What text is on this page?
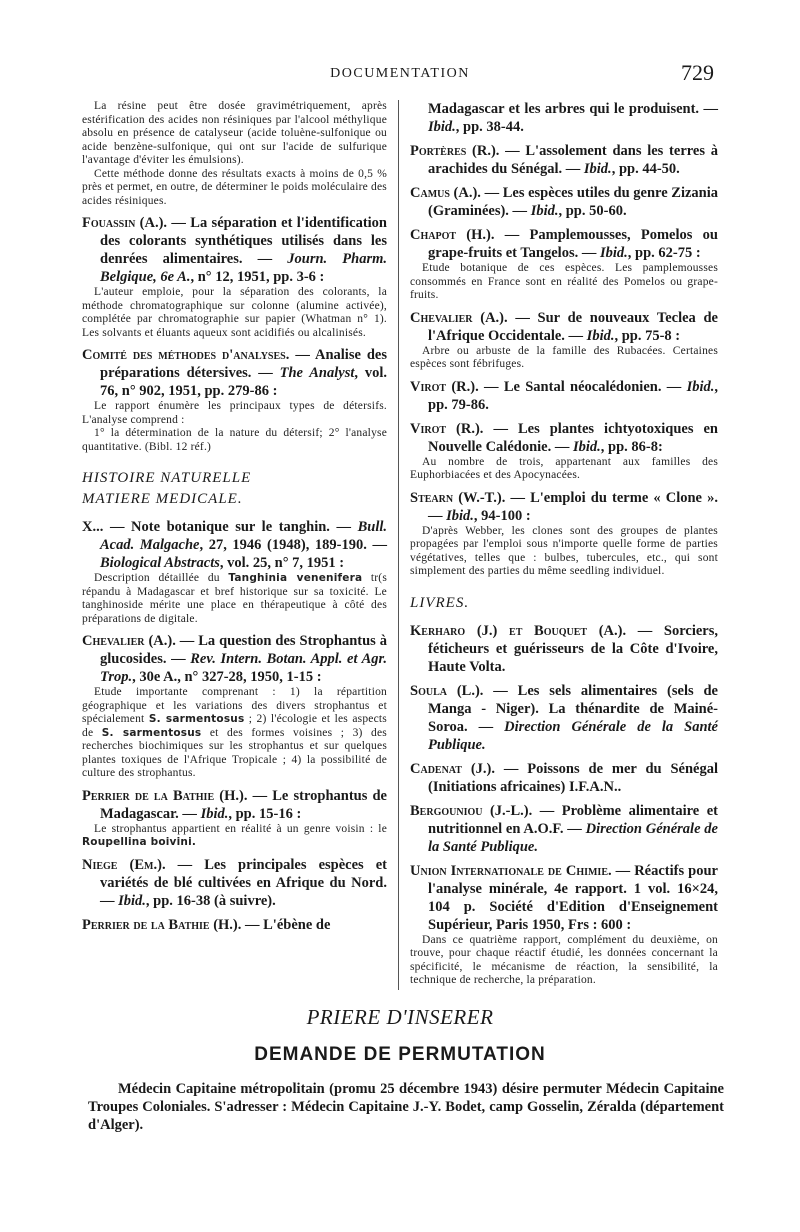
DOCUMENTATION	729

La résine peut être dosée gravimétriquement, après estérification des acides non résiniques par l'alcool méthylique absolu en présence de catalyseur (acide toluène-sulfonique ou acide benzène-sulfonique, qui ont sur l'acide de sulfurique l'avantage d'éviter les émulsions).

Cette méthode donne des résultats exacts à moins de 0,5 % près et permet, en outre, de déterminer le poids moléculaire des acides résiniques.

Fouassin (A.). — La séparation et l'identification des colorants synthétiques utilisés dans les denrées alimentaires. — Journ. Pharm. Belgique, 6e A., n° 12, 1951, pp. 3-6 :
L'auteur emploie, pour la séparation des colorants, la méthode chromatographique sur colonne (alumine activée), complétée par chromatographie sur papier (Whatman n° 1). Les solvants et éluants aqueux sont acidifiés ou alcalinisés.
Comité des méthodes d'analyses. — Analise des préparations détersives. — The Analyst, vol. 76, n° 902, 1951, pp. 279-86 :

Le rapport énumère les principaux types de détersifs. L'analyse comprend :

1° la détermination de la nature du détersif; 2° l'analyse quantitative. (Bibl. 12 réf.)

HISTOIRE NATURELLE
MATIERE MEDICALE.
X... — Note botanique sur le tanghin. — Bull. Acad. Malgache, 27, 1946 (1948), 189-190. — Biological Abstracts, vol. 25, n° 7, 1951 :
Description détaillée du Tanghinia venenifera tr(s répandu à Madagascar et bref historique sur sa toxicité. Le tanghinoside mérite une place en thérapeutique à côté des préparations de digitale.
Chevalier (A.). — La question des Strophantus à glucosides. — Rev. Intern. Botan. Appl. et Agr. Trop., 30e A., n° 327-28, 1950, 1-15 :
Etude importante comprenant : 1) la répartition géographique et les variations des divers strophantus et spécialement S. sarmentosus ; 2) l'écologie et les aspects de S. sarmentosus et des formes voisines ; 3) des recherches biochimiques sur les strophantus et sur quelques plantes toxiques de l'Afrique Tropicale ; 4) la possibilité de culture des strophantus.
Perrier de la Bathie (H.). — Le strophantus de Madagascar. — Ibid., pp. 15-16 :
Le strophantus appartient en réalité à un genre voisin : le Roupellina boivini.
Niege (Em.). — Les principales espèces et variétés de blé cultivées en Afrique du Nord. — Ibid., pp. 16-38 (à suivre).
Perrier de la Bathie (H.). — L'ébène de
Madagascar et les arbres qui le produisent. — Ibid., pp. 38-44.
Portères (R.). — L'assolement dans les terres à arachides du Sénégal. — Ibid., pp. 44-50.
Camus (A.). — Les espèces utiles du genre Zizania (Graminées). — Ibid., pp. 50-60.
Chapot (H.). — Pamplemousses, Pomelos ou grape-fruits et Tangelos. — Ibid., pp. 62-75 :
Etude botanique de ces espèces. Les pamplemousses consommés en France sont en réalité des Pomelos ou grape-fruits.
Chevalier (A.). — Sur de nouveaux Teclea de l'Afrique Occidentale. — Ibid., pp. 75-8 :
Arbre ou arbuste de la famille des Rubacées. Certaines espèces sont fébrifuges.
Virot (R.). — Le Santal néocalédonien. — Ibid., pp. 79-86.
Virot (R.). — Les plantes ichtyotoxiques en Nouvelle Calédonie. — Ibid., pp. 86-8:
Au nombre de trois, appartenant aux familles des Euphorbiacées et des Apocynacées.
Stearn (W.-T.). — L'emploi du terme « Clone ». — Ibid., 94-100 :
D'après Webber, les clones sont des groupes de plantes propagées par l'emploi sous n'importe quelle forme de parties végétatives, telles que : bulbes, tubercules, etc., qui sont simplement des parties du même seedling individuel.
LIVRES.
Kerharo (J.) et Bouquet (A.). — Sorciers, féticheurs et guérisseurs de la Côte d'Ivoire, Haute Volta.
Soula (L.). — Les sels alimentaires (sels de Manga - Niger). La thénardite de Mainé-Soroa. — Direction Générale de la Santé Publique.
Cadenat (J.). — Poissons de mer du Sénégal (Initiations africaines) I.F.A.N..
Bergouniou (J.-L.). — Problème alimentaire et nutritionnel en A.O.F. — Direction Générale de la Santé Publique.
Union Internationale de Chimie. — Réactifs pour l'analyse minérale, 4e rapport. 1 vol. 16×24, 104 p. Société d'Edition d'Enseignement Supérieur, Paris 1950, Frs : 600 :
Dans ce quatrième rapport, complément du deuxième, on trouve, pour chaque réactif étudié, les données concernant la spécificité, le mécanisme de réaction, la sensibilité, la technique de recherche, la préparation.
PRIERE D'INSERER
DEMANDE DE PERMUTATION
Médecin Capitaine métropolitain (promu 25 décembre 1943) désire permuter Médecin Capitaine Troupes Coloniales. S'adresser : Médecin Capitaine J.-Y. Bodet, camp Gosselin, Zéralda (département d'Alger).
